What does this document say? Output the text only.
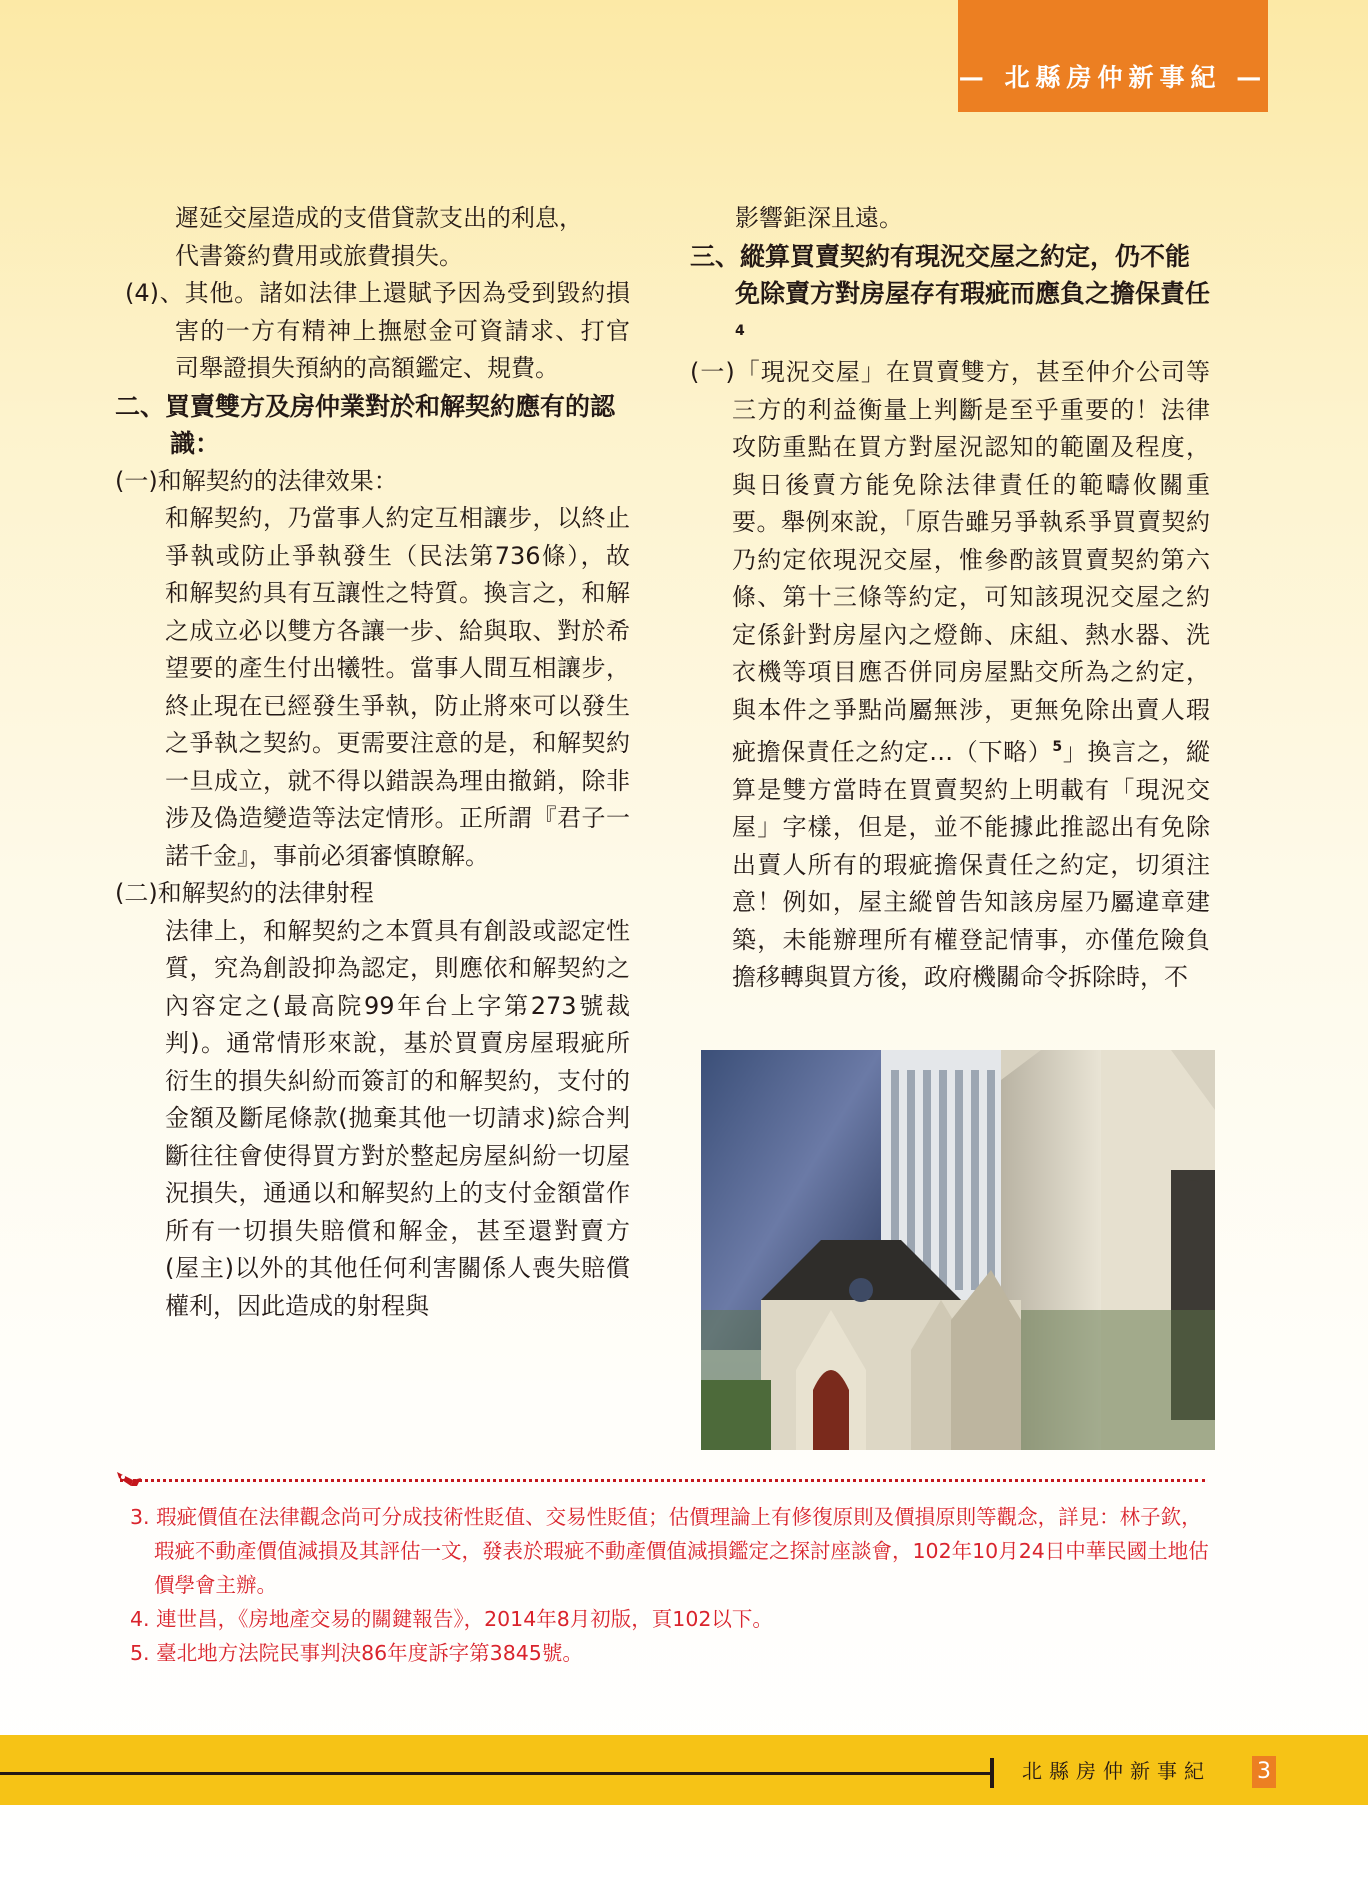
— 北縣房仲新事紀 —

遲延交屋造成的支借貸款支出的利息，

代書簽約費用或旅費損失。

(4)、其他。諸如法律上還賦予因為受到毀約損害的一方有精神上撫慰金可資請求、打官司舉證損失預納的高額鑑定、規費。

二、買賣雙方及房仲業對於和解契約應有的認識：

(一)和解契約的法律效果：

和解契約，乃當事人約定互相讓步，以終止爭執或防止爭執發生（民法第736條），故和解契約具有互讓性之特質。換言之，和解之成立必以雙方各讓一步、給與取、對於希望要的產生付出犧牲。當事人間互相讓步，終止現在已經發生爭執，防止將來可以發生之爭執之契約。更需要注意的是，和解契約一旦成立，就不得以錯誤為理由撤銷，除非涉及偽造變造等法定情形。正所謂『君子一諾千金』，事前必須審慎瞭解。

(二)和解契約的法律射程

法律上，和解契約之本質具有創設或認定性質，究為創設抑為認定，則應依和解契約之內容定之(最高院99年台上字第273號裁判)。通常情形來說，基於買賣房屋瑕疵所衍生的損失糾紛而簽訂的和解契約，支付的金額及斷尾條款(拋棄其他一切請求)綜合判斷往往會使得買方對於整起房屋糾紛一切屋況損失，通通以和解契約上的支付金額當作所有一切損失賠償和解金，甚至還對賣方(屋主)以外的其他任何利害關係人喪失賠償權利，因此造成的射程與

影響鉅深且遠。

三、縱算買賣契約有現況交屋之約定，仍不能免除賣方對房屋存有瑕疵而應負之擔保責任$^4$

(一)「現況交屋」在買賣雙方，甚至仲介公司等三方的利益衡量上判斷是至乎重要的！法律攻防重點在買方對屋況認知的範圍及程度，與日後賣方能免除法律責任的範疇攸關重要。舉例來說，「原告雖另爭執系爭買賣契約乃約定依現況交屋，惟參酌該買賣契約第六條、第十三條等約定，可知該現況交屋之約定係針對房屋內之燈飾、床組、熱水器、洗衣機等項目應否併同房屋點交所為之約定，與本件之爭點尚屬無涉，更無免除出賣人瑕疵擔保責任之約定…（下略）$^5$」換言之，縱算是雙方當時在買賣契約上明載有「現況交屋」字樣，但是，並不能據此推認出有免除出賣人所有的瑕疵擔保責任之約定，切須注意！例如，屋主縱曾告知該房屋乃屬違章建築，未能辦理所有權登記情事，亦僅危險負擔移轉與買方後，政府機關命令拆除時，不

3. 瑕疵價值在法律觀念尚可分成技術性貶值、交易性貶值；估價理論上有修復原則及價損原則等觀念，詳見：林子欽，瑕疵不動產價值減損及其評估一文，發表於瑕疵不動產價值減損鑑定之探討座談會，102年10月24日中華民國土地估價學會主辦。

4. 連世昌，《房地產交易的關鍵報告》，2014年8月初版，頁102以下。

5. 臺北地方法院民事判決86年度訴字第3845號。

北縣房仲新事紀 3
